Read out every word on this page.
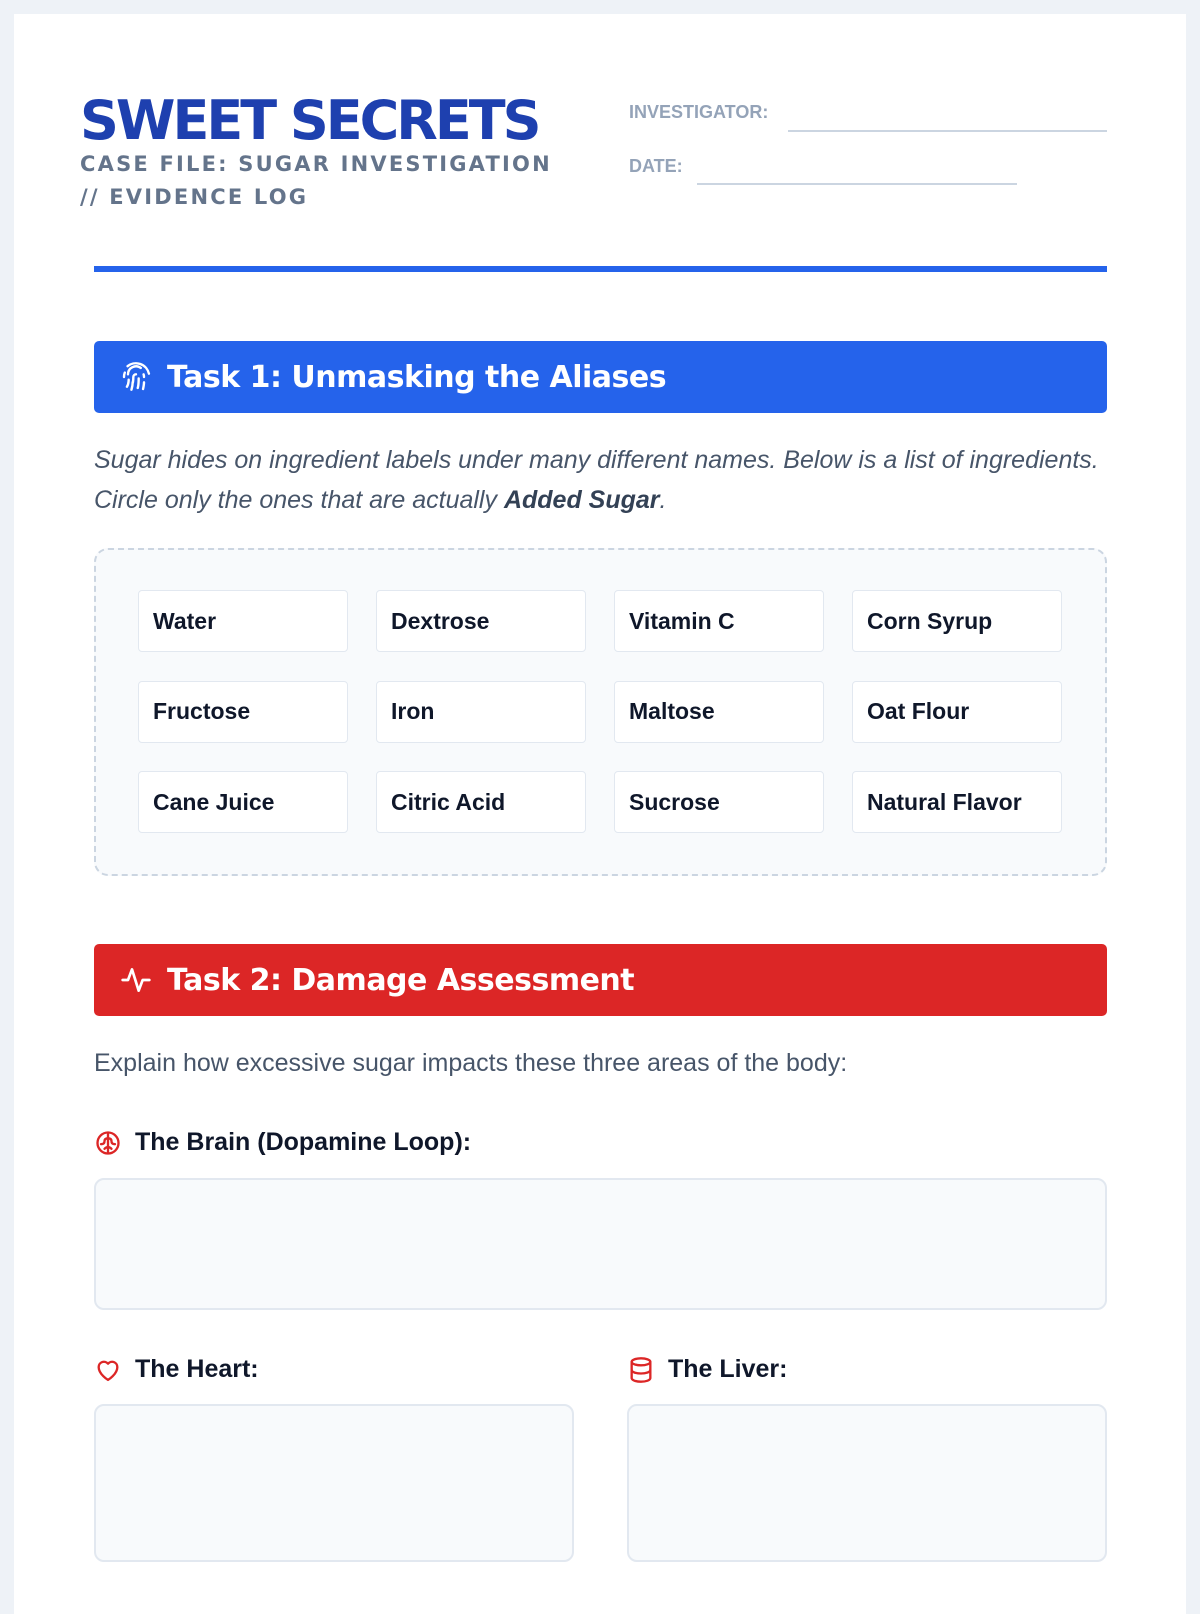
SWEET SECRETS
CASE FILE: SUGAR INVESTIGATION // EVIDENCE LOG
INVESTIGATOR:
DATE:
Task 1: Unmasking the Aliases

Sugar hides on ingredient labels under many different names. Below is a list of ingredients. Circle only the ones that are actually Added Sugar.

Water	Dextrose	Vitamin C	Corn Syrup
Fructose	Iron	Maltose	Oat Flour
Cane Juice	Citric Acid	Sucrose	Natural Flavor
Task 2: Damage Assessment

Explain how excessive sugar impacts these three areas of the body:

The Brain (Dopamine Loop):
The Heart:	The Liver:
